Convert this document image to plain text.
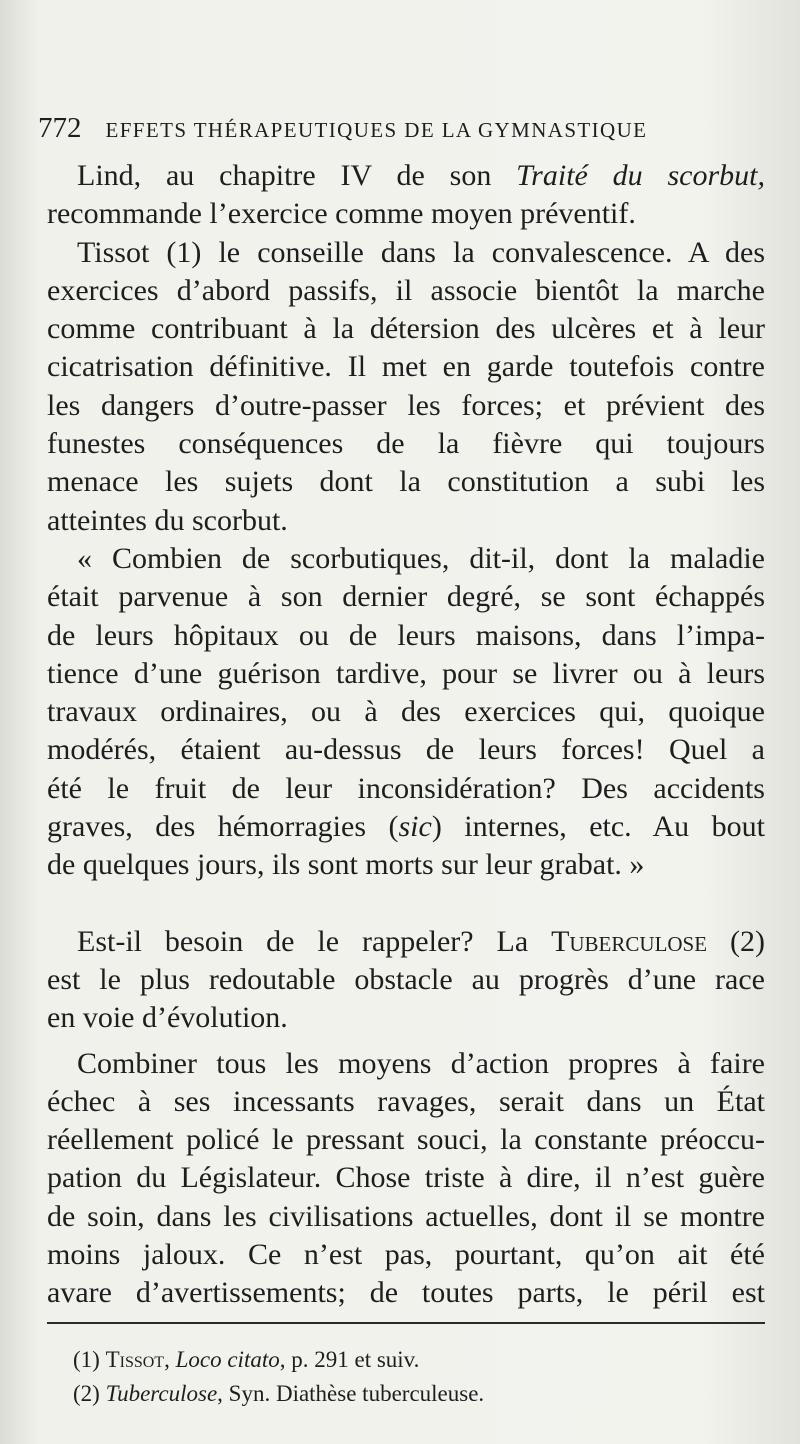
772 EFFETS THÉRAPEUTIQUES DE LA GYMNASTIQUE
Lind, au chapitre IV de son Traité du scorbut,
recommande l’exercice comme moyen préventif.
Tissot (1) le conseille dans la convalescence. A des
exercices d’abord passifs, il associe bientôt la marche
comme contribuant à la détersion des ulcères et à leur
cicatrisation définitive. Il met en garde toutefois contre
les dangers d’outre-passer les forces; et prévient des
funestes conséquences de la fièvre qui toujours
menace les sujets dont la constitution a subi les
atteintes du scorbut.
« Combien de scorbutiques, dit-il, dont la maladie
était parvenue à son dernier degré, se sont échappés
de leurs hôpitaux ou de leurs maisons, dans l’impa-
tience d’une guérison tardive, pour se livrer ou à leurs
travaux ordinaires, ou à des exercices qui, quoique
modérés, étaient au-dessus de leurs forces! Quel a
été le fruit de leur inconsidération? Des accidents
graves, des hémorragies (sic) internes, etc. Au bout
de quelques jours, ils sont morts sur leur grabat. »
Est-il besoin de le rappeler? La Tuberculose (2)
est le plus redoutable obstacle au progrès d’une race
en voie d’évolution.
Combiner tous les moyens d’action propres à faire
échec à ses incessants ravages, serait dans un État
réellement policé le pressant souci, la constante préoccu-
pation du Législateur. Chose triste à dire, il n’est guère
de soin, dans les civilisations actuelles, dont il se montre
moins jaloux. Ce n’est pas, pourtant, qu’on ait été
avare d’avertissements; de toutes parts, le péril est
(1) Tissot, Loco citato, p. 291 et suiv.
(2) Tuberculose, Syn. Diathèse tuberculeuse.
